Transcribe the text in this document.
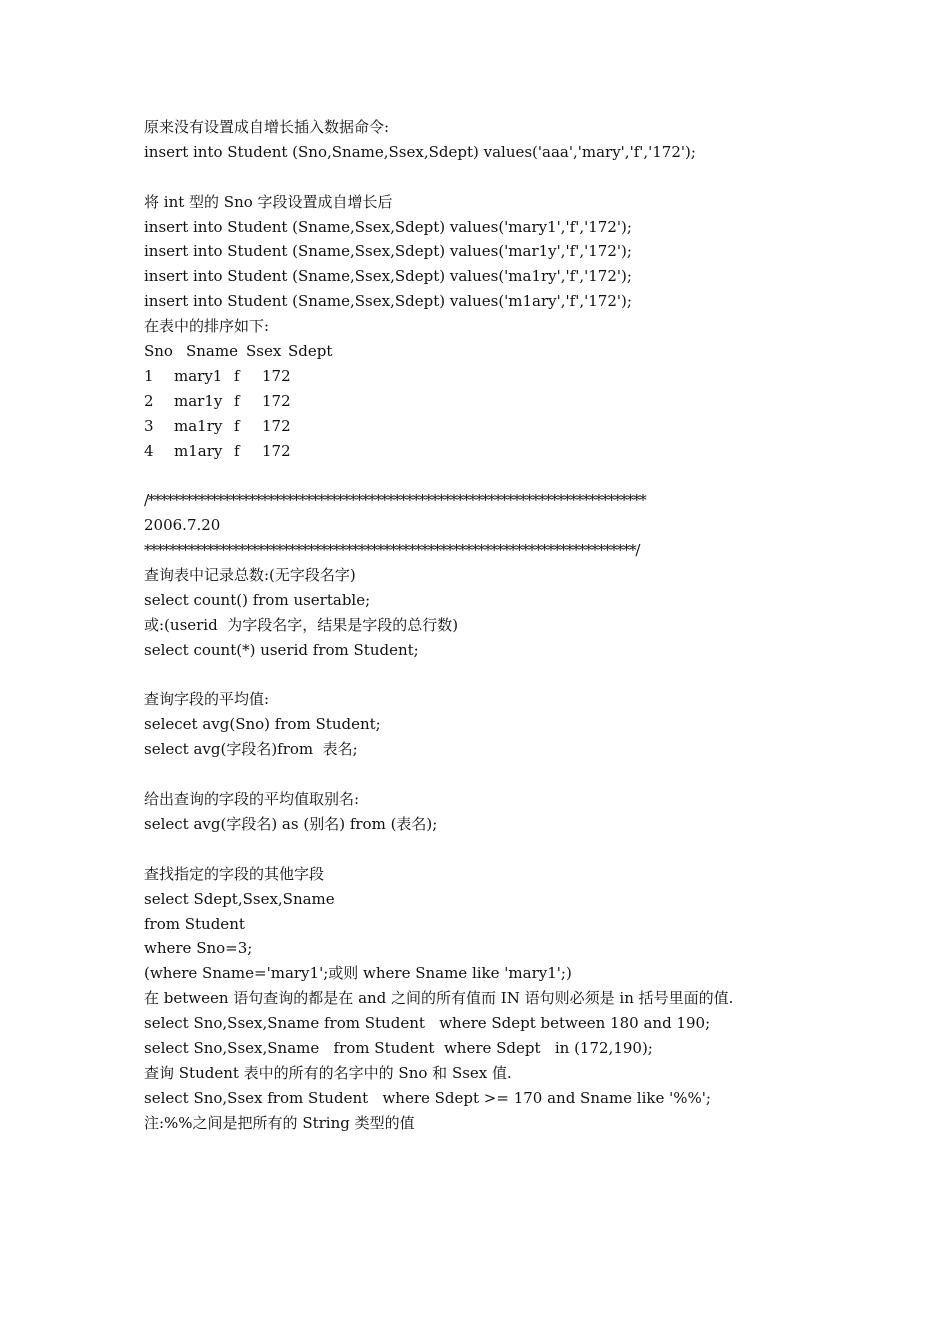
原来没有设置成自增长插入数据命令:
insert into Student (Sno,Sname,Ssex,Sdept) values('aaa','mary','f','172');
将 int 型的 Sno 字段设置成自增长后
insert into Student (Sname,Ssex,Sdept) values('mary1','f','172');
insert into Student (Sname,Ssex,Sdept) values('mar1y','f','172');
insert into Student (Sname,Ssex,Sdept) values('ma1ry','f','172');
insert into Student (Sname,Ssex,Sdept) values('m1ary','f','172');
在表中的排序如下:
Sno Sname Ssex Sdept
1 mary1 f 172
2 mar1y f 172
3 ma1ry f 172
4 m1ary f 172
/*******************************************************************************
2006.7.20
******************************************************************************/
查询表中记录总数:(无字段名字)
select count() from usertable;
或:(userid  为字段名字，结果是字段的总行数)
select count(*) userid from Student;
查询字段的平均值:
selecet avg(Sno) from Student;
select avg(字段名)from  表名;
给出查询的字段的平均值取别名:
select avg(字段名) as (别名) from (表名);
查找指定的字段的其他字段
select Sdept,Ssex,Sname
from Student
where Sno=3;
(where Sname='mary1';或则 where Sname like 'mary1';)
在 between 语句查询的都是在 and 之间的所有值而 IN 语句则必须是 in 括号里面的值.
select Sno,Ssex,Sname from Student   where Sdept between 180 and 190;
select Sno,Ssex,Sname   from Student  where Sdept   in (172,190);
查询 Student 表中的所有的名字中的 Sno 和 Ssex 值.
select Sno,Ssex from Student   where Sdept >= 170 and Sname like '%%';
注:%%之间是把所有的 String 类型的值
